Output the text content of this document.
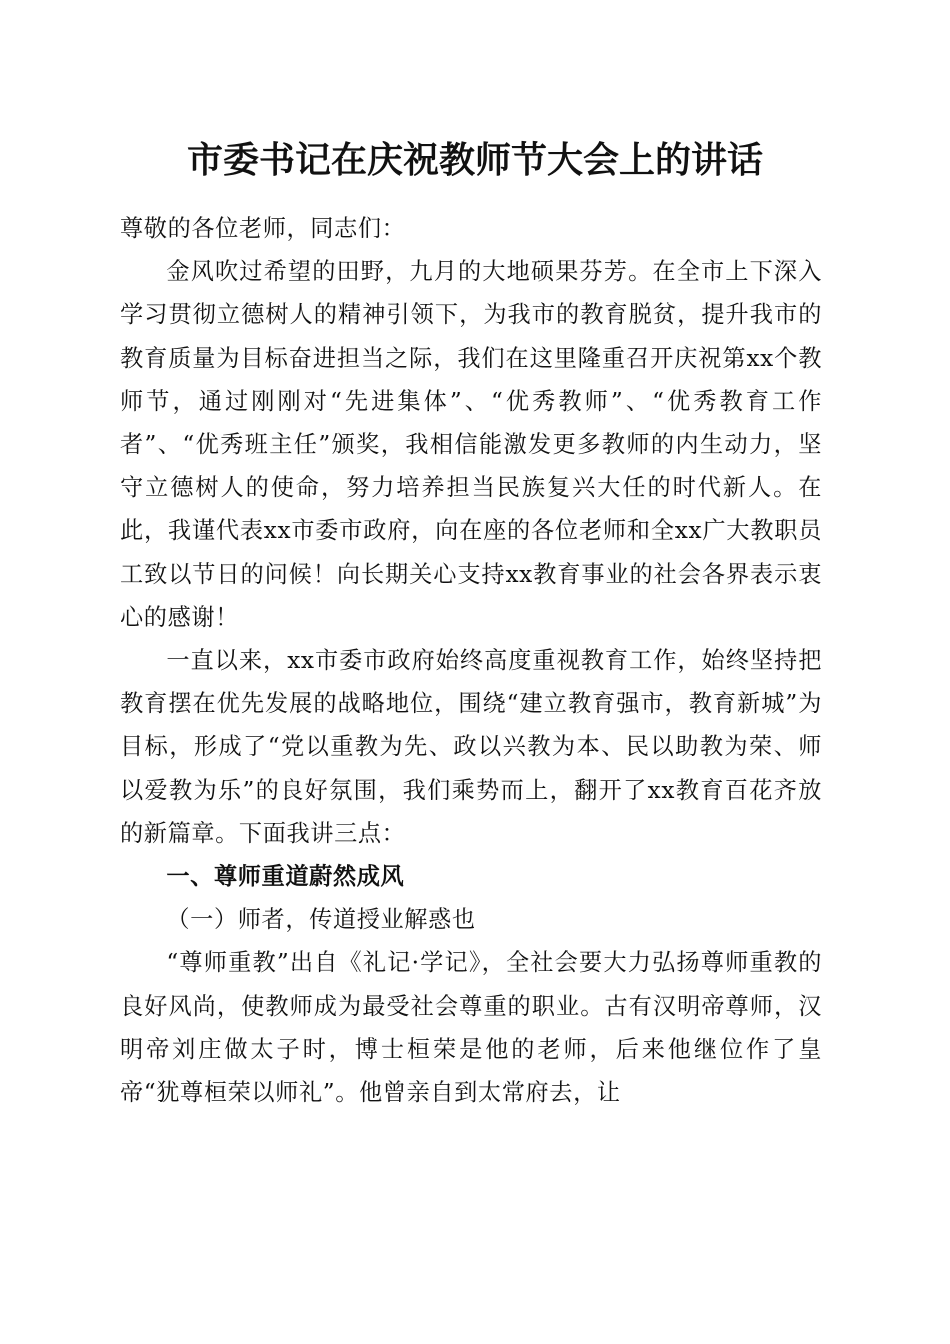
市委书记在庆祝教师节大会上的讲话

尊敬的各位老师，同志们：

金风吹过希望的田野，九月的大地硕果芬芳。在全市上下深入学习贯彻立德树人的精神引领下，为我市的教育脱贫，提升我市的教育质量为目标奋进担当之际，我们在这里隆重召开庆祝第xx个教师节，通过刚刚对“先进集体”、“优秀教师”、“优秀教育工作者”、“优秀班主任”颁奖，我相信能激发更多教师的内生动力，坚守立德树人的使命，努力培养担当民族复兴大任的时代新人。在此，我谨代表xx市委市政府，向在座的各位老师和全xx广大教职员工致以节日的问候！向长期关心支持xx教育事业的社会各界表示衷心的感谢！

一直以来，xx市委市政府始终高度重视教育工作，始终坚持把教育摆在优先发展的战略地位，围绕“建立教育强市，教育新城”为目标，形成了“党以重教为先、政以兴教为本、民以助教为荣、师以爱教为乐”的良好氛围，我们乘势而上，翻开了xx教育百花齐放的新篇章。下面我讲三点：

一、尊师重道蔚然成风

（一）师者，传道授业解惑也

“尊师重教”出自《礼记·学记》，全社会要大力弘扬尊师重教的良好风尚，使教师成为最受社会尊重的职业。古有汉明帝尊师，汉明帝刘庄做太子时，博士桓荣是他的老师，后来他继位作了皇帝“犹尊桓荣以师礼”。他曾亲自到太常府去，让
